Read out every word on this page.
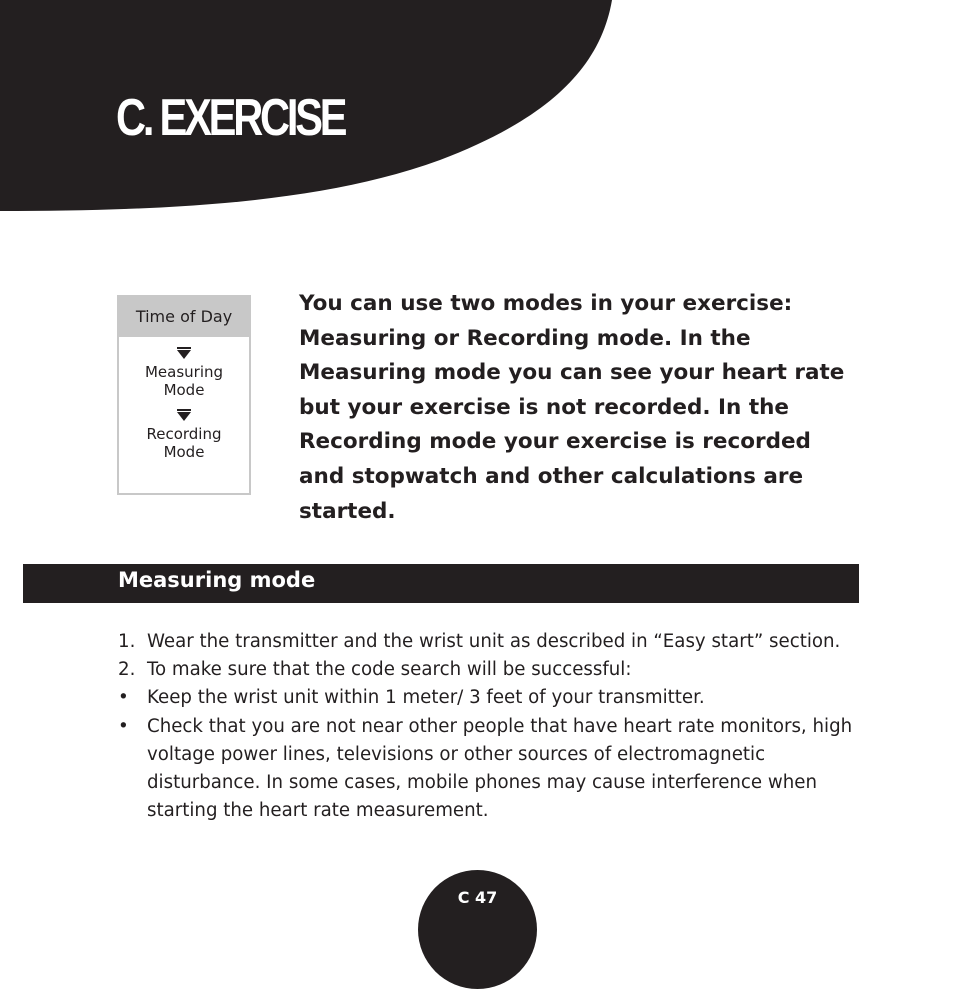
C. EXERCISE
Time of Day
Measuring
Mode
Recording
Mode

You can use two modes in your exercise: Measuring or Recording mode. In the Measuring mode you can see your heart rate but your exercise is not recorded. In the Recording mode your exercise is recorded and stopwatch and other calculations are started.

Measuring mode
1. Wear the transmitter and the wrist unit as described in “Easy start” section.
2. To make sure that the code search will be successful:
• Keep the wrist unit within 1 meter/ 3 feet of your transmitter.
• Check that you are not near other people that have heart rate monitors, high voltage power lines, televisions or other sources of electromagnetic disturbance. In some cases, mobile phones may cause interference when starting the heart rate measurement.
C 47
